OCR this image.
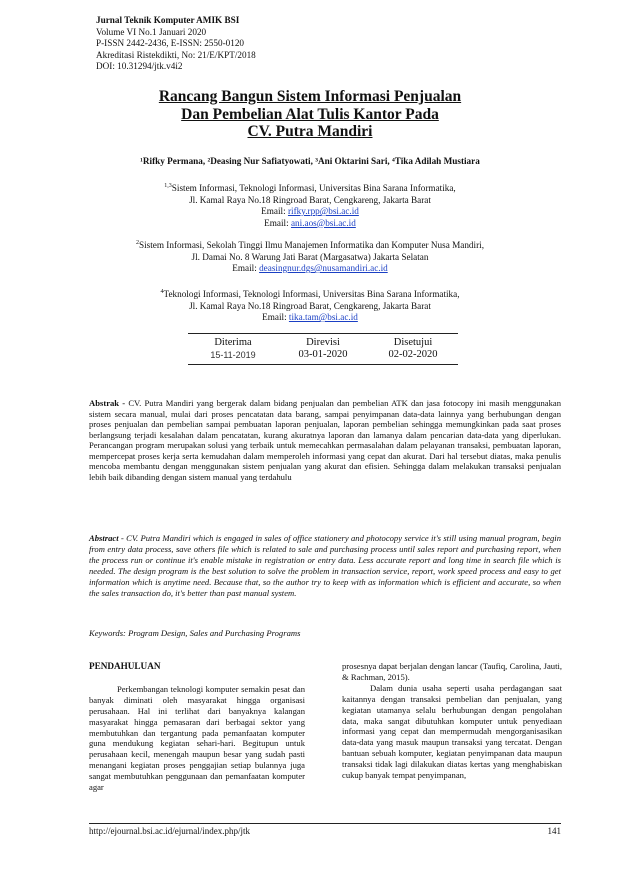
Jurnal Teknik Komputer AMIK BSI
Volume VI No.1 Januari 2020
P-ISSN 2442-2436, E-ISSN: 2550-0120
Akreditasi Ristekdikti, No: 21/E/KPT/2018
DOI: 10.31294/jtk.v4i2
Rancang Bangun Sistem Informasi Penjualan
Dan Pembelian Alat Tulis Kantor Pada
CV. Putra Mandiri
¹Rifky Permana, ²Deasing Nur Safiatyowati, ³Ani Oktarini Sari, ⁴Tika Adilah Mustiara
$^{1,3}$Sistem Informasi, Teknologi Informasi, Universitas Bina Sarana Informatika,
Jl. Kamal Raya No.18 Ringroad Barat, Cengkareng, Jakarta Barat
Email: rifky.rpp@bsi.ac.id
Email: ani.aos@bsi.ac.id
$^2$Sistem Informasi, Sekolah Tinggi Ilmu Manajemen Informatika dan Komputer Nusa Mandiri,
Jl. Damai No. 8 Warung Jati Barat (Margasatwa) Jakarta Selatan
Email: deasingnur.dgs@nusamandiri.ac.id
$^4$Teknologi Informasi, Teknologi Informasi, Universitas Bina Sarana Informatika,
Jl. Kamal Raya No.18 Ringroad Barat, Cengkareng, Jakarta Barat
Email: tika.tam@bsi.ac.id
Diterima
15-11-2019
Direvisi
03-01-2020
Disetujui
02-02-2020
Abstrak - CV. Putra Mandiri yang bergerak dalam bidang penjualan dan pembelian ATK dan jasa fotocopy ini masih menggunakan sistem secara manual, mulai dari proses pencatatan data barang, sampai penyimpanan data-data lainnya yang berhubungan dengan proses penjualan dan pembelian sampai pembuatan laporan penjualan, laporan pembelian sehingga memungkinkan pada saat proses berlangsung terjadi kesalahan dalam pencatatan, kurang akuratnya laporan dan lamanya dalam pencarian data-data yang diperlukan. Perancangan program merupakan solusi yang terbaik untuk memecahkan permasalahan dalam pelayanan transaksi, pembuatan laporan, mempercepat proses kerja serta kemudahan dalam memperoleh informasi yang cepat dan akurat. Dari hal tersebut diatas, maka penulis mencoba membantu dengan menggunakan sistem penjualan yang akurat dan efisien. Sehingga dalam melakukan transaksi penjualan lebih baik dibanding dengan sistem manual yang terdahulu
Abstract - CV. Putra Mandiri which is engaged in sales of office stationery and photocopy service it's still using manual program, begin from entry data process, save others file which is related to sale and purchasing process until sales report and purchasing report, when the process run or continue it's enable mistake in registration or entry data. Less accurate report and long time in search file which is needed. The design program is the best solution to solve the problem in transaction service, report, work speed process and easy to get information which is anytime need. Because that, so the author try to keep with as information which is efficient and accurate, so when the sales transaction do, it's better than past manual system.
Keywords: Program Design, Sales and Purchasing Programs
PENDAHULUAN

Perkembangan teknologi komputer semakin pesat dan banyak diminati oleh masyarakat hingga organisasi perusahaan. Hal ini terlihat dari banyaknya kalangan masyarakat hingga pemasaran dari berbagai sektor yang membutuhkan dan tergantung pada pemanfaatan komputer guna mendukung kegiatan sehari-hari. Begitupun untuk perusahaan kecil, menengah maupun besar yang sudah pasti menangani kegiatan proses penggajian setiap bulannya juga sangat membutuhkan penggunaan dan pemanfaatan komputer agar

prosesnya dapat berjalan dengan lancar (Taufiq, Carolina, Jauti, & Rachman, 2015).

Dalam dunia usaha seperti usaha perdagangan saat kaitannya dengan transaksi pembelian dan penjualan, yang kegiatan utamanya selalu berhubungan dengan pengolahan data, maka sangat dibutuhkan komputer untuk penyediaan informasi yang cepat dan mempermudah mengorganisasikan data-data yang masuk maupun transaksi yang tercatat. Dengan bantuan sebuah komputer, kegiatan penyimpanan data maupun transaksi tidak lagi dilakukan diatas kertas yang menghabiskan cukup banyak tempat penyimpanan,

http://ejournal.bsi.ac.id/ejurnal/index.php/jtk	141
